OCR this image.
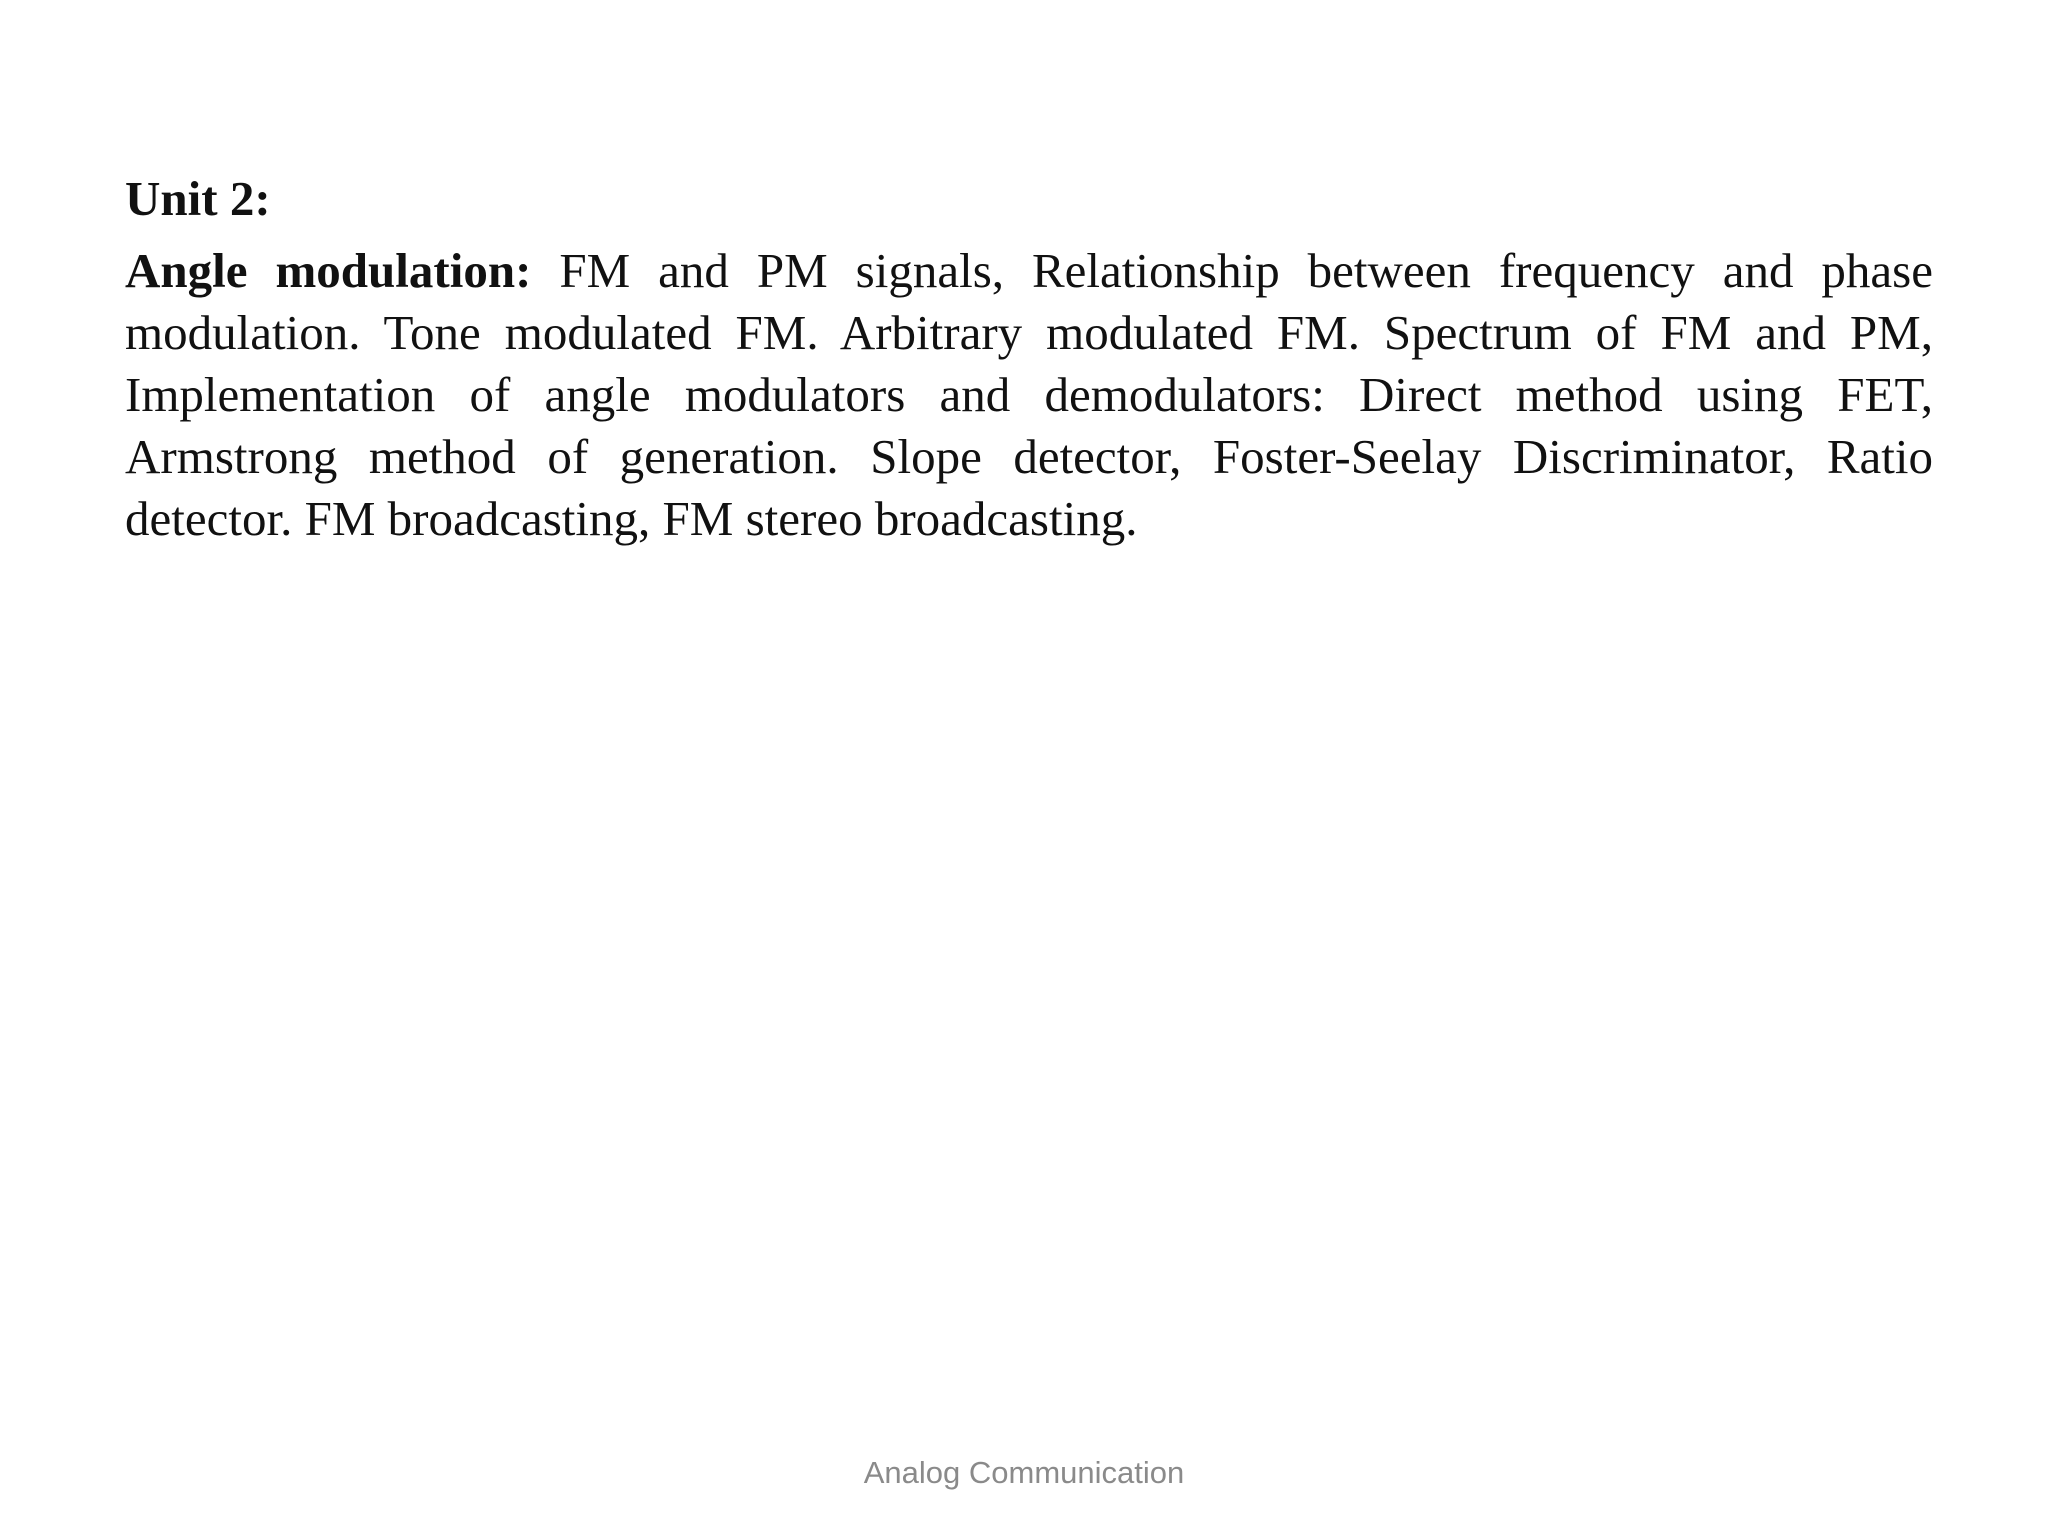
Unit 2:

Angle modulation: FM and PM signals, Relationship between frequency and phase modulation. Tone modulated FM. Arbitrary modulated FM. Spectrum of FM and PM, Implementation of angle modulators and demodulators: Direct method using FET, Armstrong method of generation. Slope detector, Foster-Seelay Discriminator, Ratio detector. FM broadcasting, FM stereo broadcasting.

Analog Communication
